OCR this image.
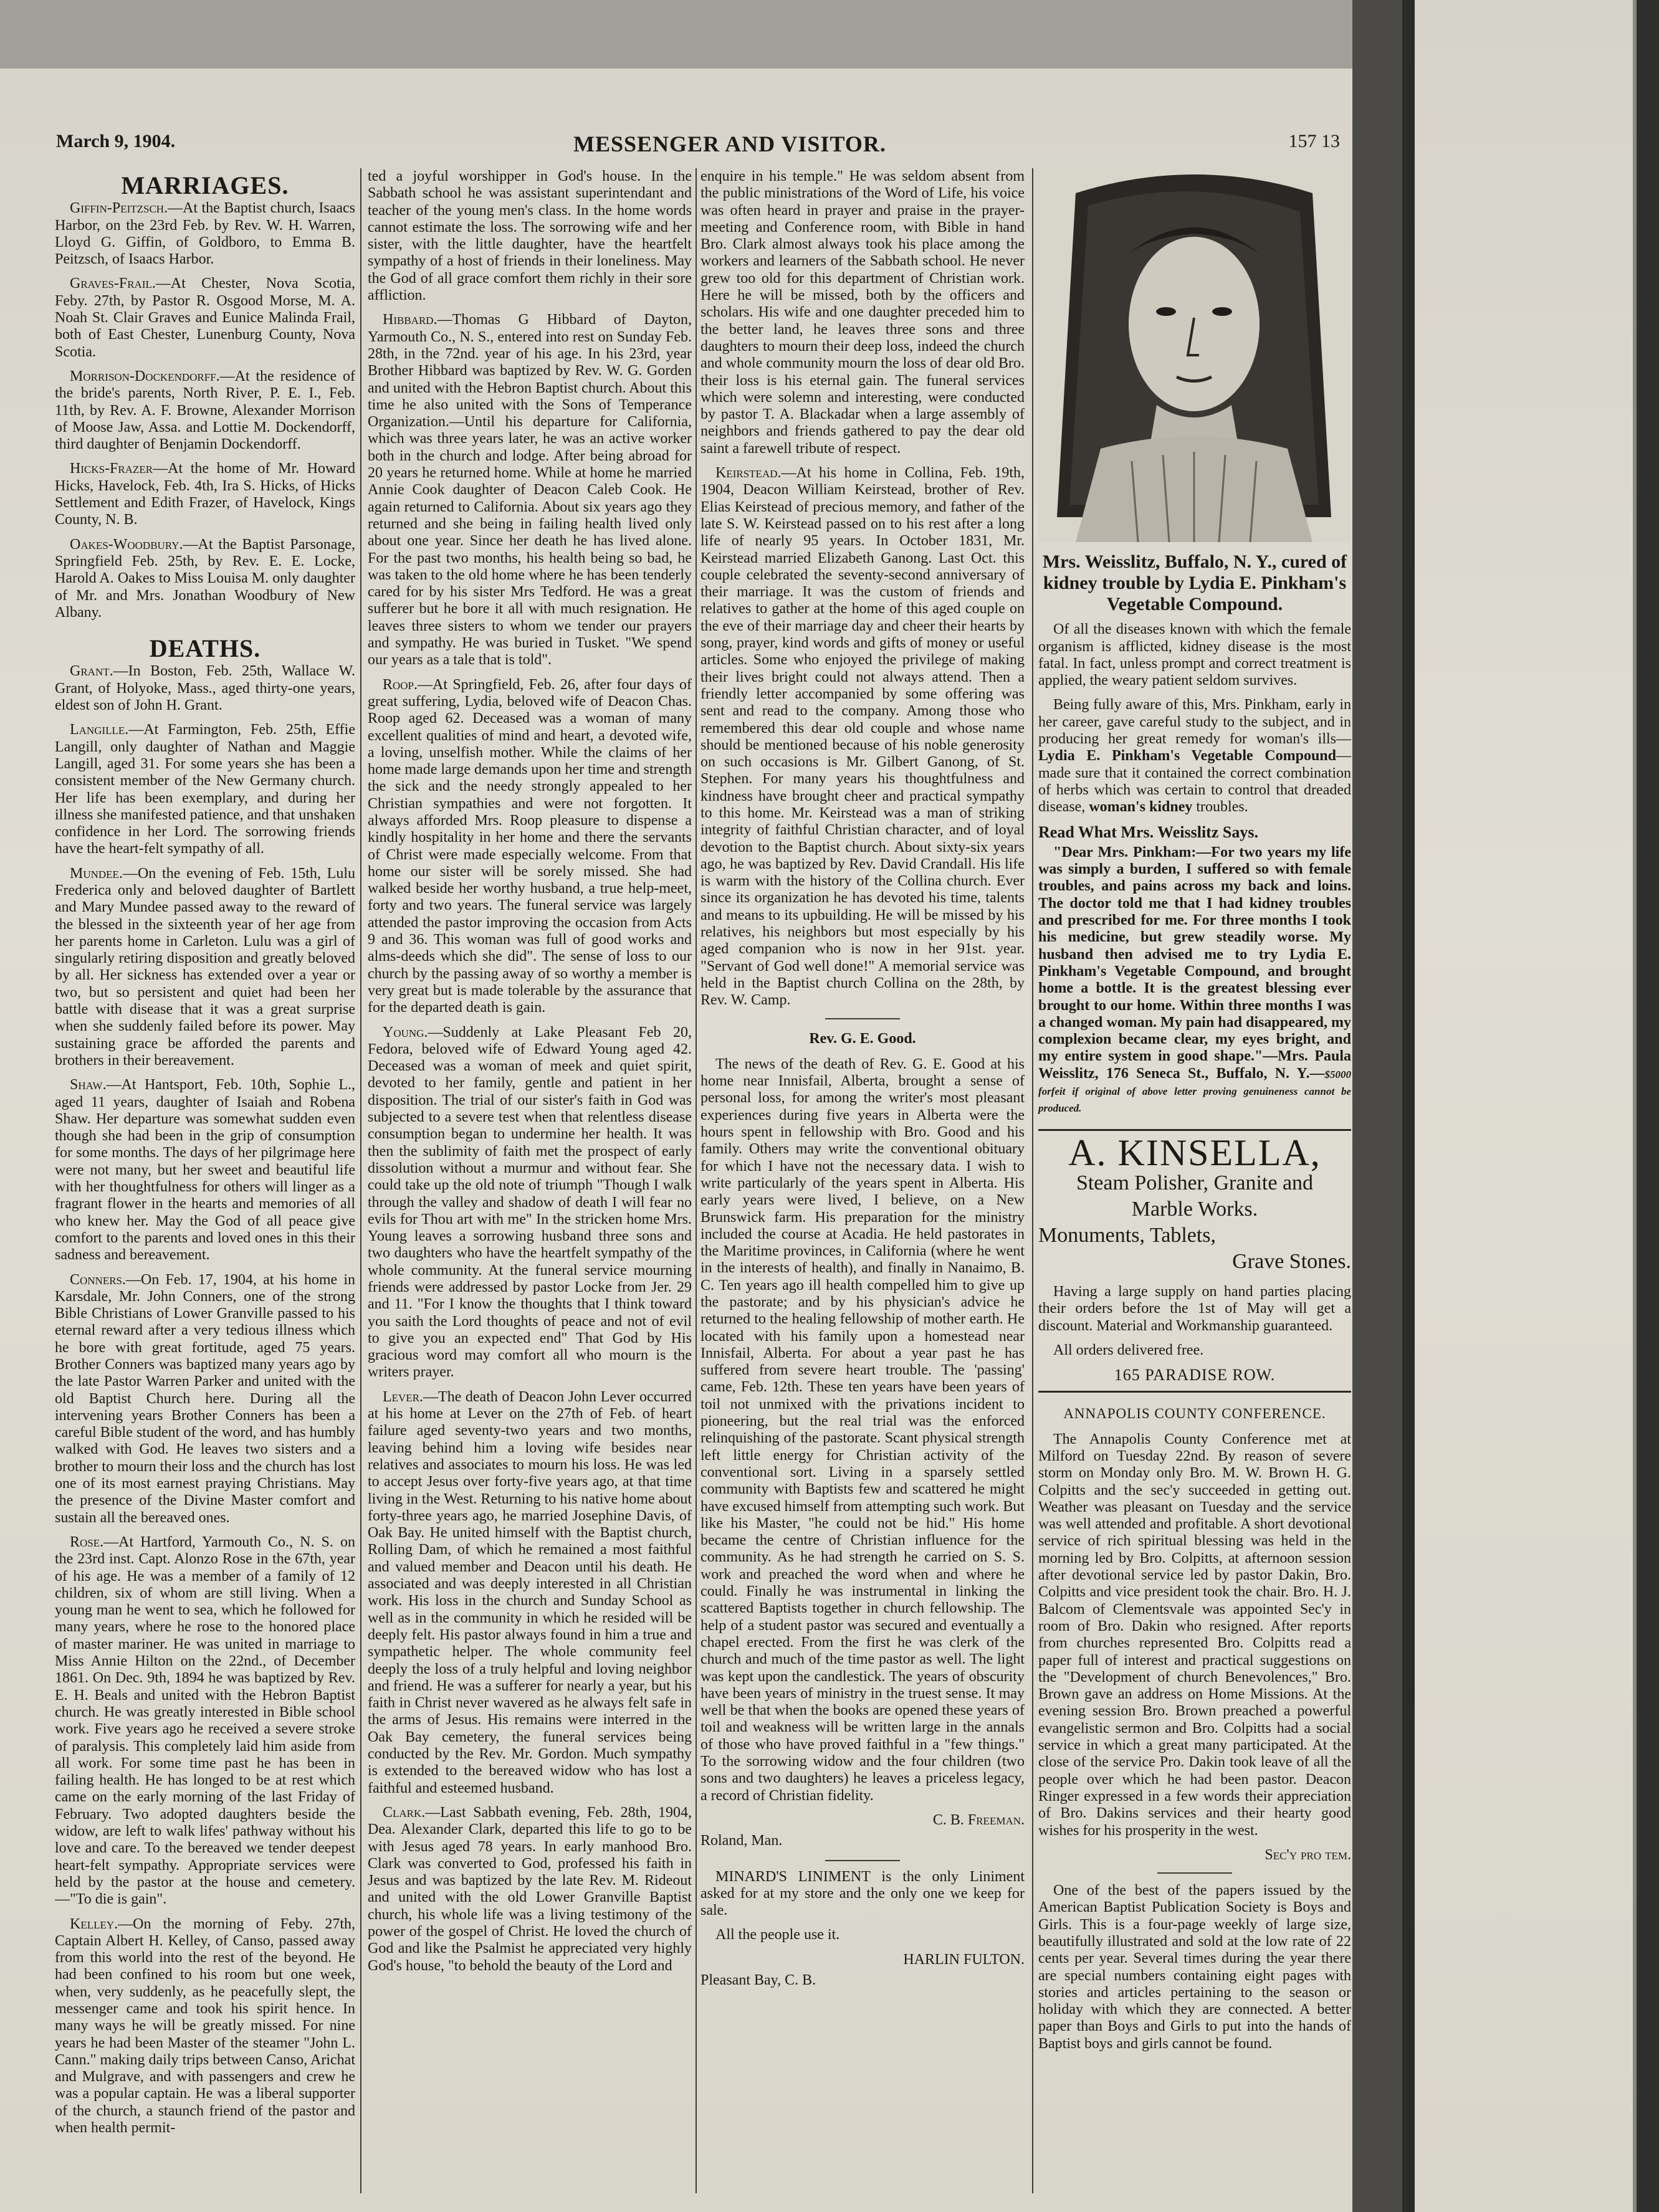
March 9, 1904.	MESSENGER AND VISITOR.	157 13
MARRIAGES.

Giffin-Peitzsch.—At the Baptist church, Isaacs Harbor, on the 23rd Feb. by Rev. W. H. Warren, Lloyd G. Giffin, of Goldboro, to Emma B. Peitzsch, of Isaacs Harbor.

Graves-Frail.—At Chester, Nova Scotia, Feby. 27th, by Pastor R. Osgood Morse, M. A. Noah St. Clair Graves and Eunice Malinda Frail, both of East Chester, Lunenburg County, Nova Scotia.

Morrison-Dockendorff.—At the residence of the bride's parents, North River, P. E. I., Feb. 11th, by Rev. A. F. Browne, Alexander Morrison of Moose Jaw, Assa. and Lottie M. Dockendorff, third daughter of Benjamin Dockendorff.

Hicks-Frazer—At the home of Mr. Howard Hicks, Havelock, Feb. 4th, Ira S. Hicks, of Hicks Settlement and Edith Frazer, of Havelock, Kings County, N. B.

Oakes-Woodbury.—At the Baptist Parsonage, Springfield Feb. 25th, by Rev. E. E. Locke, Harold A. Oakes to Miss Louisa M. only daughter of Mr. and Mrs. Jonathan Woodbury of New Albany.

DEATHS.

Grant.—In Boston, Feb. 25th, Wallace W. Grant, of Holyoke, Mass., aged thirty-one years, eldest son of John H. Grant.

Langille.—At Farmington, Feb. 25th, Effie Langill, only daughter of Nathan and Maggie Langill, aged 31. For some years she has been a consistent member of the New Germany church. Her life has been exemplary, and during her illness she manifested patience, and that unshaken confidence in her Lord. The sorrowing friends have the heart-felt sympathy of all.

Mundee.—On the evening of Feb. 15th, Lulu Frederica only and beloved daughter of Bartlett and Mary Mundee passed away to the reward of the blessed in the sixteenth year of her age from her parents home in Carleton. Lulu was a girl of singularly retiring disposition and greatly beloved by all. Her sickness has extended over a year or two, but so persistent and quiet had been her battle with disease that it was a great surprise when she suddenly failed before its power. May sustaining grace be afforded the parents and brothers in their bereavement.

Shaw.—At Hantsport, Feb. 10th, Sophie L., aged 11 years, daughter of Isaiah and Robena Shaw. Her departure was somewhat sudden even though she had been in the grip of consumption for some months. The days of her pilgrimage here were not many, but her sweet and beautiful life with her thoughtfulness for others will linger as a fragrant flower in the hearts and memories of all who knew her. May the God of all peace give comfort to the parents and loved ones in this their sadness and bereavement.

Conners.—On Feb. 17, 1904, at his home in Karsdale, Mr. John Conners, one of the strong Bible Christians of Lower Granville passed to his eternal reward after a very tedious illness which he bore with great fortitude, aged 75 years. Brother Conners was baptized many years ago by the late Pastor Warren Parker and united with the old Baptist Church here. During all the intervening years Brother Conners has been a careful Bible student of the word, and has humbly walked with God. He leaves two sisters and a brother to mourn their loss and the church has lost one of its most earnest praying Christians. May the presence of the Divine Master comfort and sustain all the bereaved ones.

Rose.—At Hartford, Yarmouth Co., N. S. on the 23rd inst. Capt. Alonzo Rose in the 67th, year of his age. He was a member of a family of 12 children, six of whom are still living. When a young man he went to sea, which he followed for many years, where he rose to the honored place of master mariner. He was united in marriage to Miss Annie Hilton on the 22nd., of December 1861. On Dec. 9th, 1894 he was baptized by Rev. E. H. Beals and united with the Hebron Baptist church. He was greatly interested in Bible school work. Five years ago he received a severe stroke of paralysis. This completely laid him aside from all work. For some time past he has been in failing health. He has longed to be at rest which came on the early morning of the last Friday of February. Two adopted daughters beside the widow, are left to walk lifes' pathway without his love and care. To the bereaved we tender deepest heart-felt sympathy. Appropriate services were held by the pastor at the house and cemetery.—"To die is gain".

Kelley.—On the morning of Feby. 27th, Captain Albert H. Kelley, of Canso, passed away from this world into the rest of the beyond. He had been confined to his room but one week, when, very suddenly, as he peacefully slept, the messenger came and took his spirit hence. In many ways he will be greatly missed. For nine years he had been Master of the steamer "John L. Cann." making daily trips between Canso, Arichat and Mulgrave, and with passengers and crew he was a popular captain. He was a liberal supporter of the church, a staunch friend of the pastor and when health permit-

ted a joyful worshipper in God's house. In the Sabbath school he was assistant superintendant and teacher of the young men's class. In the home words cannot estimate the loss. The sorrowing wife and her sister, with the little daughter, have the heartfelt sympathy of a host of friends in their loneliness. May the God of all grace comfort them richly in their sore affliction.

Hibbard.—Thomas G Hibbard of Dayton, Yarmouth Co., N. S., entered into rest on Sunday Feb. 28th, in the 72nd. year of his age. In his 23rd, year Brother Hibbard was baptized by Rev. W. G. Gorden and united with the Hebron Baptist church. About this time he also united with the Sons of Temperance Organization.—Until his departure for California, which was three years later, he was an active worker both in the church and lodge. After being abroad for 20 years he returned home. While at home he married Annie Cook daughter of Deacon Caleb Cook. He again returned to California. About six years ago they returned and she being in failing health lived only about one year. Since her death he has lived alone. For the past two months, his health being so bad, he was taken to the old home where he has been tenderly cared for by his sister Mrs Tedford. He was a great sufferer but he bore it all with much resignation. He leaves three sisters to whom we tender our prayers and sympathy. He was buried in Tusket. "We spend our years as a tale that is told".

Roop.—At Springfield, Feb. 26, after four days of great suffering, Lydia, beloved wife of Deacon Chas. Roop aged 62. Deceased was a woman of many excellent qualities of mind and heart, a devoted wife, a loving, unselfish mother. While the claims of her home made large demands upon her time and strength the sick and the needy strongly appealed to her Christian sympathies and were not forgotten. It always afforded Mrs. Roop pleasure to dispense a kindly hospitality in her home and there the servants of Christ were made especially welcome. From that home our sister will be sorely missed. She had walked beside her worthy husband, a true help-meet, forty and two years. The funeral service was largely attended the pastor improving the occasion from Acts 9 and 36. This woman was full of good works and alms-deeds which she did". The sense of loss to our church by the passing away of so worthy a member is very great but is made tolerable by the assurance that for the departed death is gain.

Young.—Suddenly at Lake Pleasant Feb 20, Fedora, beloved wife of Edward Young aged 42. Deceased was a woman of meek and quiet spirit, devoted to her family, gentle and patient in her disposition. The trial of our sister's faith in God was subjected to a severe test when that relentless disease consumption began to undermine her health. It was then the sublimity of faith met the prospect of early dissolution without a murmur and without fear. She could take up the old note of triumph "Though I walk through the valley and shadow of death I will fear no evils for Thou art with me" In the stricken home Mrs. Young leaves a sorrowing husband three sons and two daughters who have the heartfelt sympathy of the whole community. At the funeral service mourning friends were addressed by pastor Locke from Jer. 29 and 11. "For I know the thoughts that I think toward you saith the Lord thoughts of peace and not of evil to give you an expected end" That God by His gracious word may comfort all who mourn is the writers prayer.

Lever.—The death of Deacon John Lever occurred at his home at Lever on the 27th of Feb. of heart failure aged seventy-two years and two months, leaving behind him a loving wife besides near relatives and associates to mourn his loss. He was led to accept Jesus over forty-five years ago, at that time living in the West. Returning to his native home about forty-three years ago, he married Josephine Davis, of Oak Bay. He united himself with the Baptist church, Rolling Dam, of which he remained a most faithful and valued member and Deacon until his death. He associated and was deeply interested in all Christian work. His loss in the church and Sunday School as well as in the community in which he resided will be deeply felt. His pastor always found in him a true and sympathetic helper. The whole community feel deeply the loss of a truly helpful and loving neighbor and friend. He was a sufferer for nearly a year, but his faith in Christ never wavered as he always felt safe in the arms of Jesus. His remains were interred in the Oak Bay cemetery, the funeral services being conducted by the Rev. Mr. Gordon. Much sympathy is extended to the bereaved widow who has lost a faithful and esteemed husband.

Clark.—Last Sabbath evening, Feb. 28th, 1904, Dea. Alexander Clark, departed this life to go to be with Jesus aged 78 years. In early manhood Bro. Clark was converted to God, professed his faith in Jesus and was baptized by the late Rev. M. Rideout and united with the old Lower Granville Baptist church, his whole life was a living testimony of the power of the gospel of Christ. He loved the church of God and like the Psalmist he appreciated very highly God's house, "to behold the beauty of the Lord and

enquire in his temple." He was seldom absent from the public ministrations of the Word of Life, his voice was often heard in prayer and praise in the prayer-meeting and Conference room, with Bible in hand Bro. Clark almost always took his place among the workers and learners of the Sabbath school. He never grew too old for this department of Christian work. Here he will be missed, both by the officers and scholars. His wife and one daughter preceded him to the better land, he leaves three sons and three daughters to mourn their deep loss, indeed the church and whole community mourn the loss of dear old Bro. their loss is his eternal gain. The funeral services which were solemn and interesting, were conducted by pastor T. A. Blackadar when a large assembly of neighbors and friends gathered to pay the dear old saint a farewell tribute of respect.

Keirstead.—At his home in Collina, Feb. 19th, 1904, Deacon William Keirstead, brother of Rev. Elias Keirstead of precious memory, and father of the late S. W. Keirstead passed on to his rest after a long life of nearly 95 years. In October 1831, Mr. Keirstead married Elizabeth Ganong. Last Oct. this couple celebrated the seventy-second anniversary of their marriage. It was the custom of friends and relatives to gather at the home of this aged couple on the eve of their marriage day and cheer their hearts by song, prayer, kind words and gifts of money or useful articles. Some who enjoyed the privilege of making their lives bright could not always attend. Then a friendly letter accompanied by some offering was sent and read to the company. Among those who remembered this dear old couple and whose name should be mentioned because of his noble generosity on such occasions is Mr. Gilbert Ganong, of St. Stephen. For many years his thoughtfulness and kindness have brought cheer and practical sympathy to this home. Mr. Keirstead was a man of striking integrity of faithful Christian character, and of loyal devotion to the Baptist church. About sixty-six years ago, he was baptized by Rev. David Crandall. His life is warm with the history of the Collina church. Ever since its organization he has devoted his time, talents and means to its upbuilding. He will be missed by his relatives, his neighbors but most especially by his aged companion who is now in her 91st. year. "Servant of God well done!" A memorial service was held in the Baptist church Collina on the 28th, by Rev. W. Camp.

Rev. G. E. Good.

The news of the death of Rev. G. E. Good at his home near Innisfail, Alberta, brought a sense of personal loss, for among the writer's most pleasant experiences during five years in Alberta were the hours spent in fellowship with Bro. Good and his family. Others may write the conventional obituary for which I have not the necessary data. I wish to write particularly of the years spent in Alberta. His early years were lived, I believe, on a New Brunswick farm. His preparation for the ministry included the course at Acadia. He held pastorates in the Maritime provinces, in California (where he went in the interests of health), and finally in Nanaimo, B. C. Ten years ago ill health compelled him to give up the pastorate; and by his physician's advice he returned to the healing fellowship of mother earth. He located with his family upon a homestead near Innisfail, Alberta. For about a year past he has suffered from severe heart trouble. The 'passing' came, Feb. 12th. These ten years have been years of toil not unmixed with the privations incident to pioneering, but the real trial was the enforced relinquishing of the pastorate. Scant physical strength left little energy for Christian activity of the conventional sort. Living in a sparsely settled community with Baptists few and scattered he might have excused himself from attempting such work. But like his Master, "he could not be hid." His home became the centre of Christian influence for the community. As he had strength he carried on S. S. work and preached the word when and where he could. Finally he was instrumental in linking the scattered Baptists together in church fellowship. The help of a student pastor was secured and eventually a chapel erected. From the first he was clerk of the church and much of the time pastor as well. The light was kept upon the candlestick. The years of obscurity have been years of ministry in the truest sense. It may well be that when the books are opened these years of toil and weakness will be written large in the annals of those who have proved faithful in a "few things." To the sorrowing widow and the four children (two sons and two daughters) he leaves a priceless legacy, a record of Christian fidelity.

C. B. Freeman.

Roland, Man.

MINARD'S LINIMENT is the only Liniment asked for at my store and the only one we keep for sale.

All the people use it.

HARLIN FULTON.

Pleasant Bay, C. B.

Mrs. Weisslitz, Buffalo, N. Y., cured of kidney trouble by Lydia E. Pinkham's Vegetable Compound.

Of all the diseases known with which the female organism is afflicted, kidney disease is the most fatal. In fact, unless prompt and correct treatment is applied, the weary patient seldom survives.

Being fully aware of this, Mrs. Pinkham, early in her career, gave careful study to the subject, and in producing her great remedy for woman's ills—Lydia E. Pinkham's Vegetable Compound— made sure that it contained the correct combination of herbs which was certain to control that dreaded disease, woman's kidney troubles.

Read What Mrs. Weisslitz Says.

"Dear Mrs. Pinkham:—For two years my life was simply a burden, I suffered so with female troubles, and pains across my back and loins. The doctor told me that I had kidney troubles and prescribed for me. For three months I took his medicine, but grew steadily worse. My husband then advised me to try Lydia E. Pinkham's Vegetable Compound, and brought home a bottle. It is the greatest blessing ever brought to our home. Within three months I was a changed woman. My pain had disappeared, my complexion became clear, my eyes bright, and my entire system in good shape."—Mrs. Paula Weisslitz, 176 Seneca St., Buffalo, N. Y.—$5000 forfeit if original of above letter proving genuineness cannot be produced.

A. KINSELLA,
Steam Polisher, Granite and
Marble Works.
Monuments, Tablets,
Grave Stones.

Having a large supply on hand parties placing their orders before the 1st of May will get a discount. Material and Workmanship guaranteed.

All orders delivered free.

165 PARADISE ROW.
ANNAPOLIS COUNTY CONFERENCE.

The Annapolis County Conference met at Milford on Tuesday 22nd. By reason of severe storm on Monday only Bro. M. W. Brown H. G. Colpitts and the sec'y succeeded in getting out. Weather was pleasant on Tuesday and the service was well attended and profitable. A short devotional service of rich spiritual blessing was held in the morning led by Bro. Colpitts, at afternoon session after devotional service led by pastor Dakin, Bro. Colpitts and vice president took the chair. Bro. H. J. Balcom of Clementsvale was appointed Sec'y in room of Bro. Dakin who resigned. After reports from churches represented Bro. Colpitts read a paper full of interest and practical suggestions on the "Development of church Benevolences," Bro. Brown gave an address on Home Missions. At the evening session Bro. Brown preached a powerful evangelistic sermon and Bro. Colpitts had a social service in which a great many participated. At the close of the service Pro. Dakin took leave of all the people over which he had been pastor. Deacon Ringer expressed in a few words their appreciation of Bro. Dakins services and their hearty good wishes for his prosperity in the west.

Sec'y pro tem.

One of the best of the papers issued by the American Baptist Publication Society is Boys and Girls. This is a four-page weekly of large size, beautifully illustrated and sold at the low rate of 22 cents per year. Several times during the year there are special numbers containing eight pages with stories and articles pertaining to the season or holiday with which they are connected. A better paper than Boys and Girls to put into the hands of Baptist boys and girls cannot be found.
